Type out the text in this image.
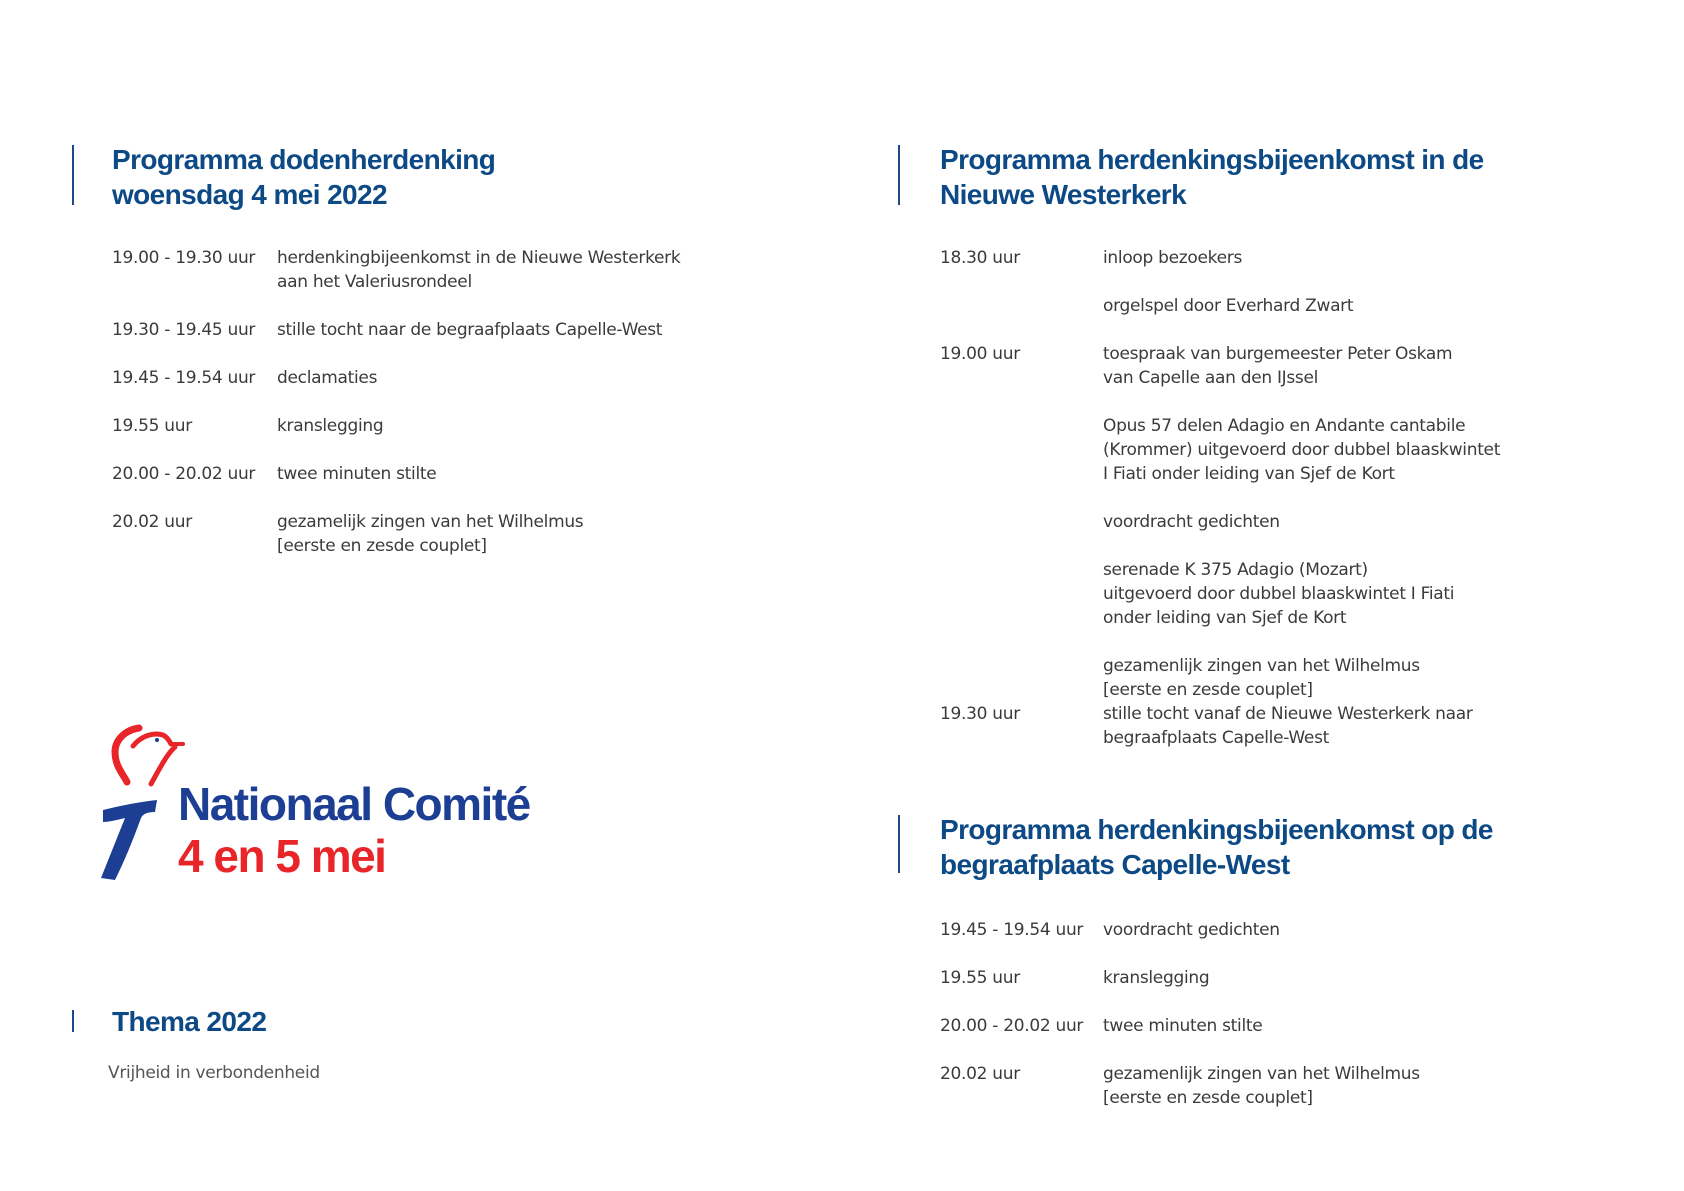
Programma dodenherdenking
woensdag 4 mei 2022
19.00 - 19.30 uur herdenkingbijeenkomst in de Nieuwe Westerkerk
aan het Valeriusrondeel
19.30 - 19.45 uur stille tocht naar de begraafplaats Capelle-West
19.45 - 19.54 uur declamaties
19.55 uur	kranslegging
20.00 - 20.02 uur twee minuten stilte
20.02 uur	gezamelijk zingen van het Wilhelmus
[eerste en zesde couplet]
Nationaal Comité
4 en 5 mei
Thema 2022
Vrijheid in verbondenheid
Programma herdenkingsbijeenkomst in de
Nieuwe Westerkerk
18.30 uur	inloop bezoekers
orgelspel door Everhard Zwart
19.00 uur	toespraak van burgemeester Peter Oskam
van Capelle aan den IJssel
Opus 57 delen Adagio en Andante cantabile
(Krommer) uitgevoerd door dubbel blaaskwintet
I Fiati onder leiding van Sjef de Kort
voordracht gedichten
serenade K 375 Adagio (Mozart)
uitgevoerd door dubbel blaaskwintet I Fiati
onder leiding van Sjef de Kort
gezamenlijk zingen van het Wilhelmus
[eerste en zesde couplet]
19.30 uur	stille tocht vanaf de Nieuwe Westerkerk naar
begraafplaats Capelle-West
Programma herdenkingsbijeenkomst op de
begraafplaats Capelle-West
19.45 - 19.54 uur voordracht gedichten
19.55 uur	kranslegging
20.00 - 20.02 uur twee minuten stilte
20.02 uur	gezamenlijk zingen van het Wilhelmus
[eerste en zesde couplet]
